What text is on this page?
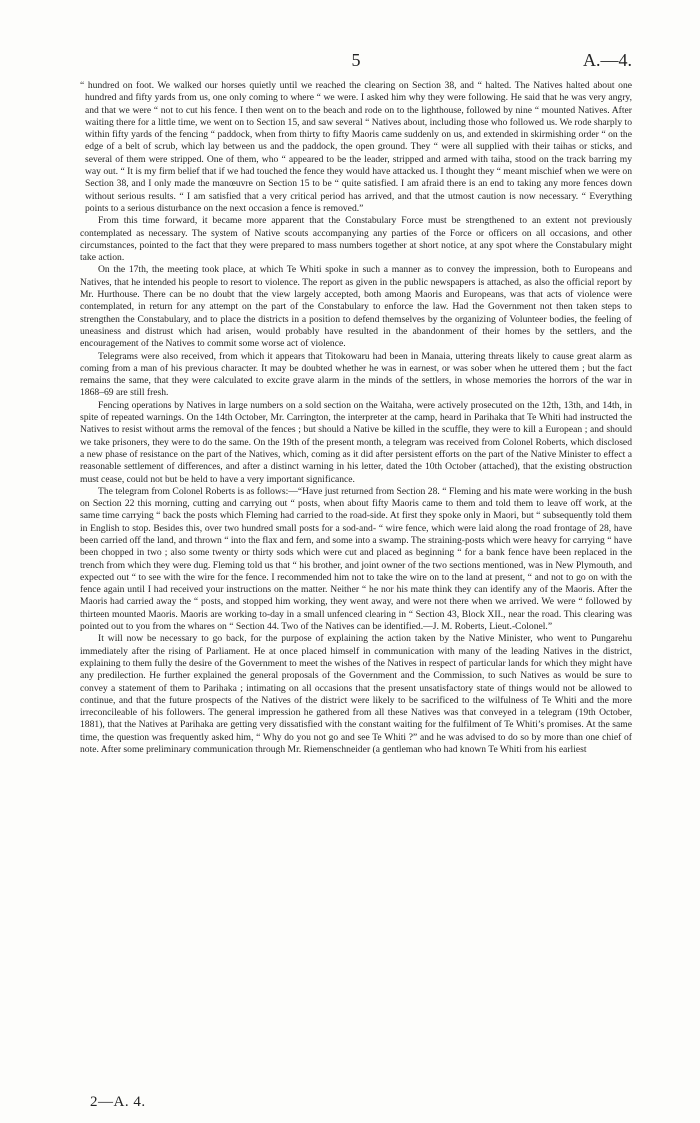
5	A.—4.

“ hundred on foot. We walked our horses quietly until we reached the clearing on Section 38, and “ halted. The Natives halted about one hundred and fifty yards from us, one only coming to where “ we were. I asked him why they were following. He said that he was very angry, and that we were “ not to cut his fence. I then went on to the beach and rode on to the lighthouse, followed by nine “ mounted Natives. After waiting there for a little time, we went on to Section 15, and saw several “ Natives about, including those who followed us. We rode sharply to within fifty yards of the fencing “ paddock, when from thirty to fifty Maoris came suddenly on us, and extended in skirmishing order “ on the edge of a belt of scrub, which lay between us and the paddock, the open ground. They “ were all supplied with their taihas or sticks, and several of them were stripped. One of them, who “ appeared to be the leader, stripped and armed with taiha, stood on the track barring my way out. “ It is my firm belief that if we had touched the fence they would have attacked us. I thought they “ meant mischief when we were on Section 38, and I only made the manœuvre on Section 15 to be “ quite satisfied. I am afraid there is an end to taking any more fences down without serious results. “ I am satisfied that a very critical period has arrived, and that the utmost caution is now necessary. “ Everything points to a serious disturbance on the next occasion a fence is removed.”

From this time forward, it became more apparent that the Constabulary Force must be strengthened to an extent not previously contemplated as necessary. The system of Native scouts accompanying any parties of the Force or officers on all occasions, and other circumstances, pointed to the fact that they were prepared to mass numbers together at short notice, at any spot where the Constabulary might take action.

On the 17th, the meeting took place, at which Te Whiti spoke in such a manner as to convey the impression, both to Europeans and Natives, that he intended his people to resort to violence. The report as given in the public newspapers is attached, as also the official report by Mr. Hurthouse. There can be no doubt that the view largely accepted, both among Maoris and Europeans, was that acts of violence were contemplated, in return for any attempt on the part of the Constabulary to enforce the law. Had the Government not then taken steps to strengthen the Constabulary, and to place the districts in a position to defend themselves by the organizing of Volunteer bodies, the feeling of uneasiness and distrust which had arisen, would probably have resulted in the abandonment of their homes by the settlers, and the encouragement of the Natives to commit some worse act of violence.

Telegrams were also received, from which it appears that Titokowaru had been in Manaia, uttering threats likely to cause great alarm as coming from a man of his previous character. It may be doubted whether he was in earnest, or was sober when he uttered them ; but the fact remains the same, that they were calculated to excite grave alarm in the minds of the settlers, in whose memories the horrors of the war in 1868–69 are still fresh.

Fencing operations by Natives in large numbers on a sold section on the Waitaha, were actively prosecuted on the 12th, 13th, and 14th, in spite of repeated warnings. On the 14th October, Mr. Carrington, the interpreter at the camp, heard in Parihaka that Te Whiti had instructed the Natives to resist without arms the removal of the fences ; but should a Native be killed in the scuffle, they were to kill a European ; and should we take prisoners, they were to do the same. On the 19th of the present month, a telegram was received from Colonel Roberts, which disclosed a new phase of resistance on the part of the Natives, which, coming as it did after persistent efforts on the part of the Native Minister to effect a reasonable settlement of differences, and after a distinct warning in his letter, dated the 10th October (attached), that the existing obstruction must cease, could not but be held to have a very important significance.

The telegram from Colonel Roberts is as follows:—“Have just returned from Section 28. “ Fleming and his mate were working in the bush on Section 22 this morning, cutting and carrying out “ posts, when about fifty Maoris came to them and told them to leave off work, at the same time carrying “ back the posts which Fleming had carried to the road-side. At first they spoke only in Maori, but “ subsequently told them in English to stop. Besides this, over two hundred small posts for a sod-and- “ wire fence, which were laid along the road frontage of 28, have been carried off the land, and thrown “ into the flax and fern, and some into a swamp. The straining-posts which were heavy for carrying “ have been chopped in two ; also some twenty or thirty sods which were cut and placed as beginning “ for a bank fence have been replaced in the trench from which they were dug. Fleming told us that “ his brother, and joint owner of the two sections mentioned, was in New Plymouth, and expected out “ to see with the wire for the fence. I recommended him not to take the wire on to the land at present, “ and not to go on with the fence again until I had received your instructions on the matter. Neither “ he nor his mate think they can identify any of the Maoris. After the Maoris had carried away the “ posts, and stopped him working, they went away, and were not there when we arrived. We were “ followed by thirteen mounted Maoris. Maoris are working to-day in a small unfenced clearing in “ Section 43, Block XII., near the road. This clearing was pointed out to you from the whares on “ Section 44. Two of the Natives can be identified.—J. M. Roberts, Lieut.-Colonel.”

It will now be necessary to go back, for the purpose of explaining the action taken by the Native Minister, who went to Pungarehu immediately after the rising of Parliament. He at once placed himself in communication with many of the leading Natives in the district, explaining to them fully the desire of the Government to meet the wishes of the Natives in respect of particular lands for which they might have any predilection. He further explained the general proposals of the Government and the Commission, to such Natives as would be sure to convey a statement of them to Parihaka ; intimating on all occasions that the present unsatisfactory state of things would not be allowed to continue, and that the future prospects of the Natives of the district were likely to be sacrificed to the wilfulness of Te Whiti and the more irreconcileable of his followers. The general impression he gathered from all these Natives was that conveyed in a telegram (19th October, 1881), that the Natives at Parihaka are getting very dissatisfied with the constant waiting for the fulfilment of Te Whiti’s promises. At the same time, the question was frequently asked him, “ Why do you not go and see Te Whiti ?” and he was advised to do so by more than one chief of note. After some preliminary communication through Mr. Riemenschneider (a gentleman who had known Te Whiti from his earliest

2—A. 4.
